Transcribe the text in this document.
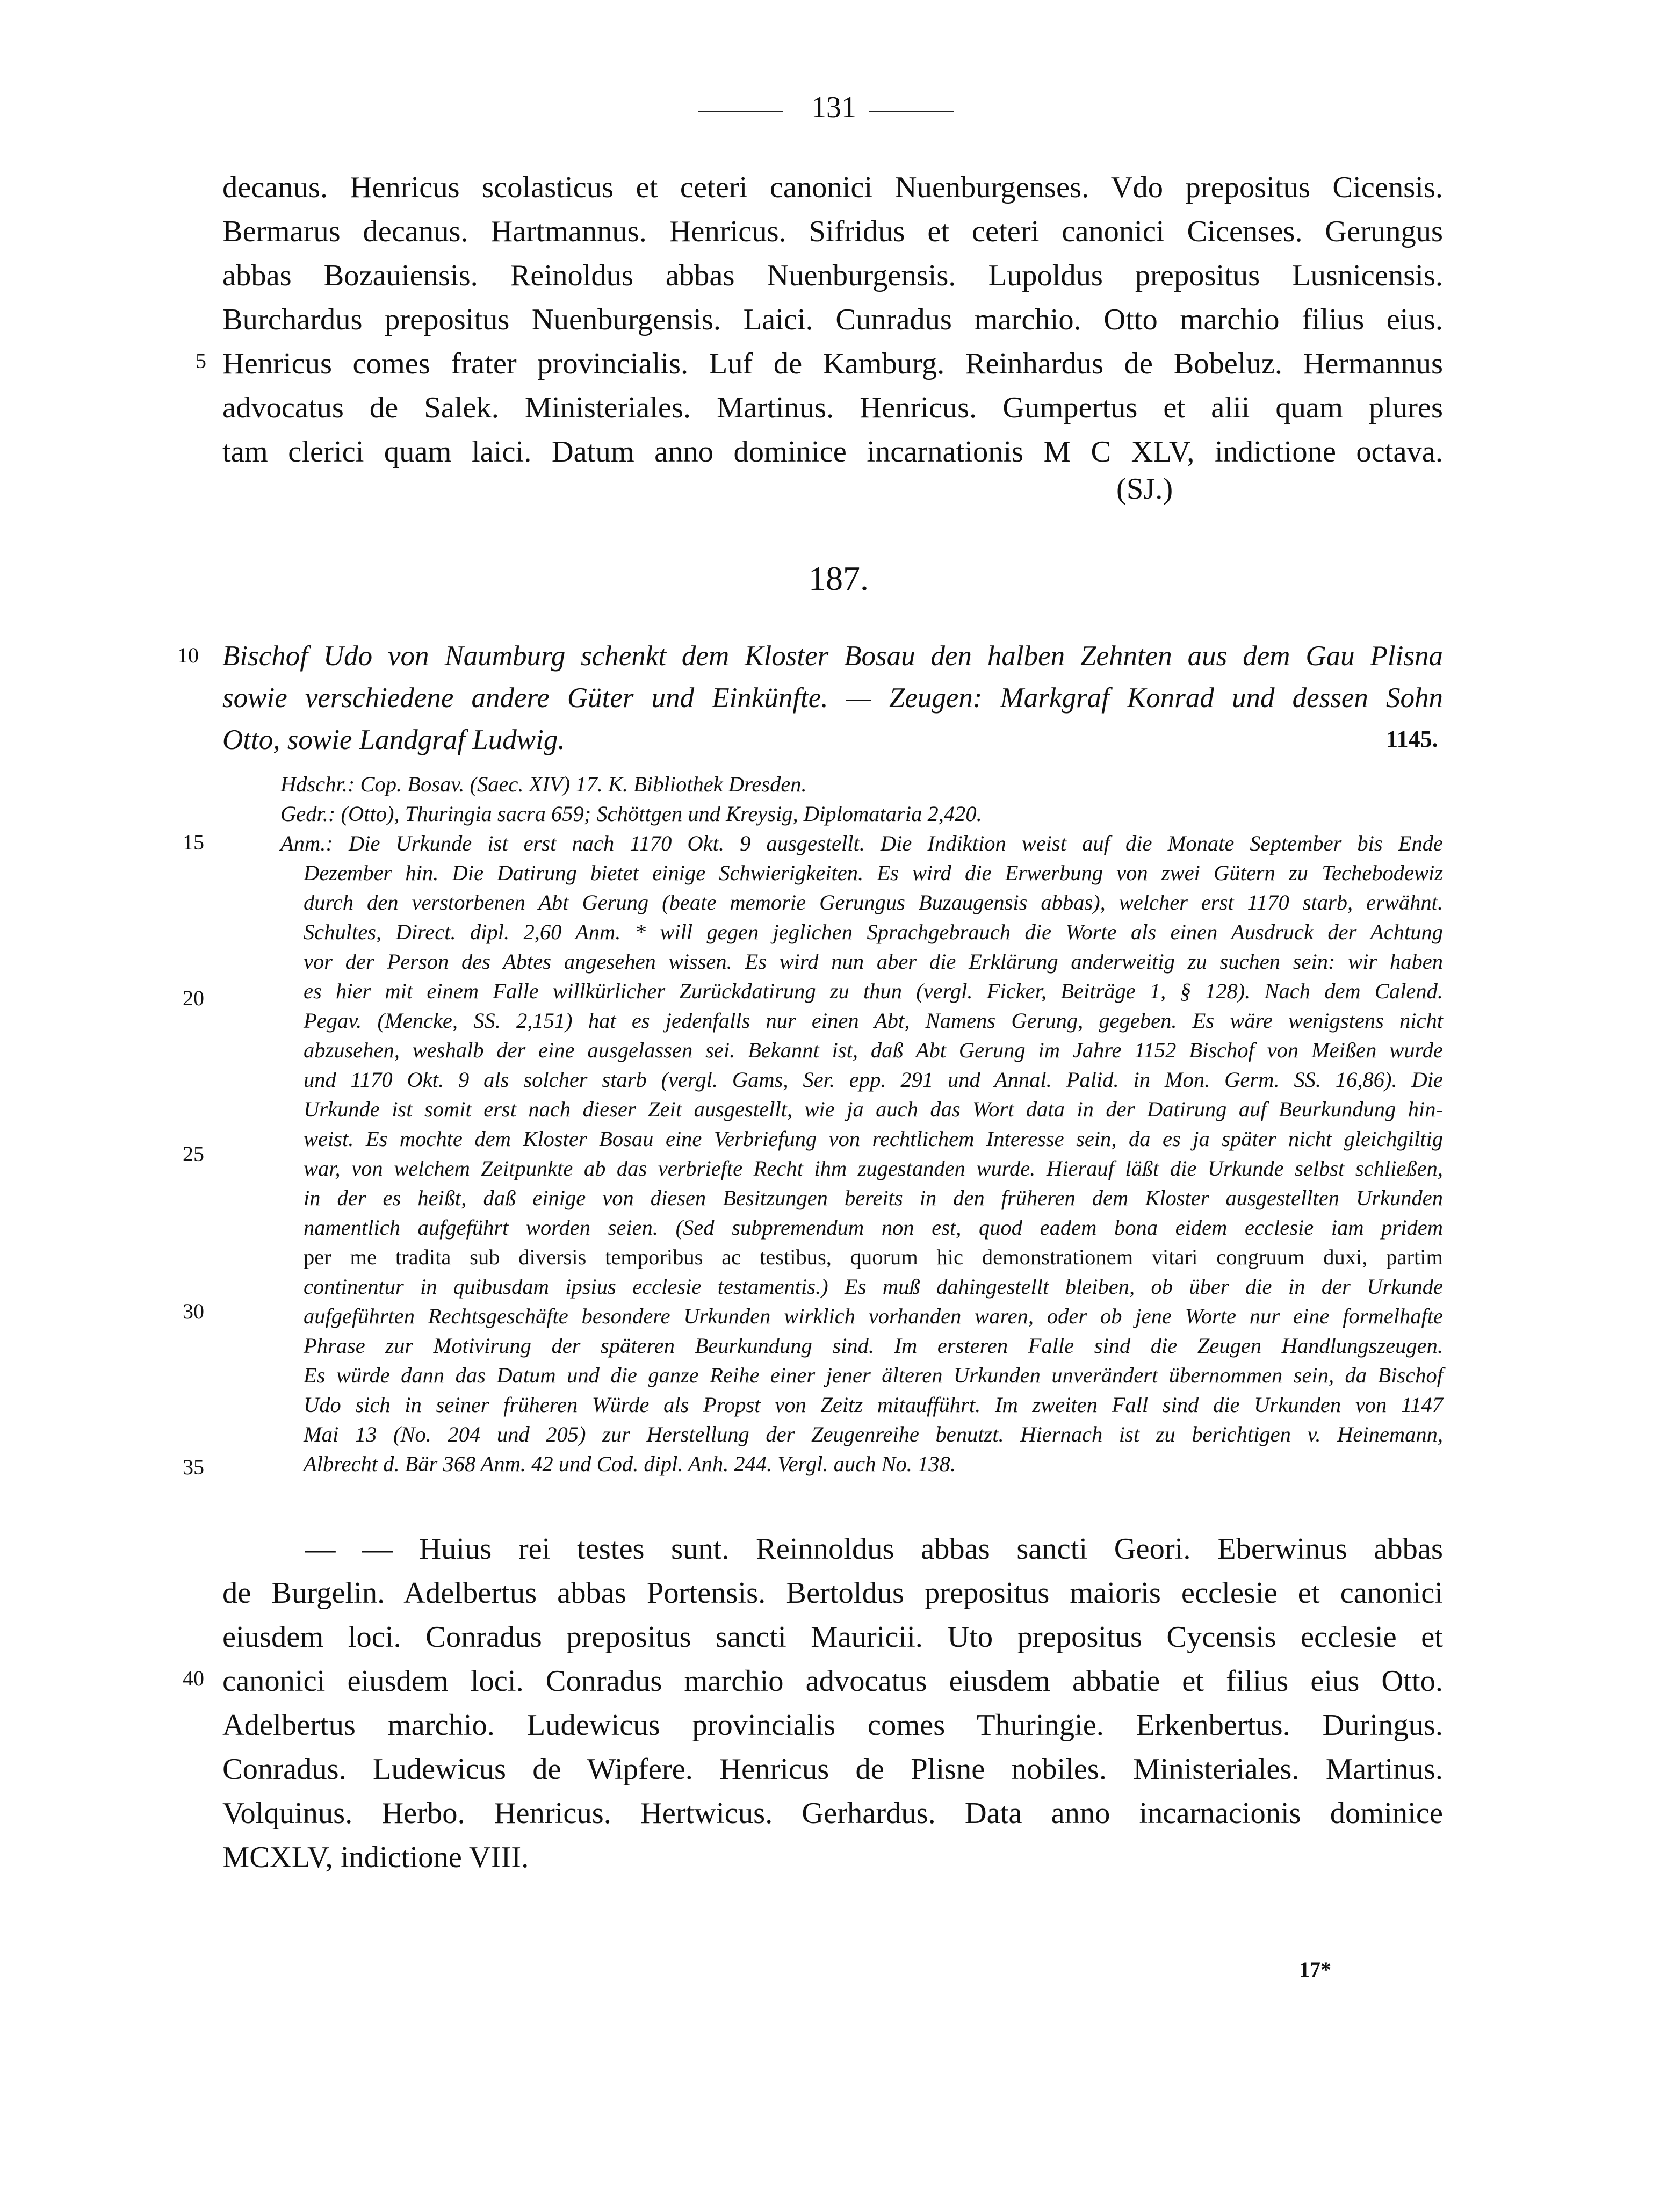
131
decanus. Henricus scolasticus et ceteri canonici Nuenburgenses. Vdo prepositus Cicensis.
Bermarus decanus. Hartmannus. Henricus. Sifridus et ceteri canonici Cicenses. Gerungus
abbas Bozauiensis. Reinoldus abbas Nuenburgensis. Lupoldus prepositus Lusnicensis.
Burchardus prepositus Nuenburgensis. Laici. Cunradus marchio. Otto marchio filius eius.
5 Henricus comes frater provincialis. Luf de Kamburg. Reinhardus de Bobeluz. Hermannus
advocatus de Salek. Ministeriales. Martinus. Henricus. Gumpertus et alii quam plures
tam clerici quam laici. Datum anno dominice incarnationis M C XLV, indictione octava.
(SJ.)
187.
10 Bischof Udo von Naumburg schenkt dem Kloster Bosau den halben Zehnten aus dem Gau Plisna
sowie verschiedene andere Güter und Einkünfte. — Zeugen: Markgraf Konrad und dessen Sohn
Otto, sowie Landgraf Ludwig.	1145.
Hdschr.: Cop. Bosav. (Saec. XIV) 17. K. Bibliothek Dresden.
Gedr.: (Otto), Thuringia sacra 659; Schöttgen und Kreysig, Diplomataria 2,420.
15	Anm.: Die Urkunde ist erst nach 1170 Okt. 9 ausgestellt. Die Indiktion weist auf die Monate September bis Ende
Dezember hin. Die Datirung bietet einige Schwierigkeiten. Es wird die Erwerbung von zwei Gütern zu Techebodewiz
durch den verstorbenen Abt Gerung (beate memorie Gerungus Buzaugensis abbas), welcher erst 1170 starb, erwähnt.
Schultes, Direct. dipl. 2,60 Anm. * will gegen jeglichen Sprachgebrauch die Worte als einen Ausdruck der Achtung
vor der Person des Abtes angesehen wissen. Es wird nun aber die Erklärung anderweitig zu suchen sein: wir haben
20	es hier mit einem Falle willkürlicher Zurückdatirung zu thun (vergl. Ficker, Beiträge 1, § 128). Nach dem Calend.
Pegav. (Mencke, SS. 2,151) hat es jedenfalls nur einen Abt, Namens Gerung, gegeben. Es wäre wenigstens nicht
abzusehen, weshalb der eine ausgelassen sei. Bekannt ist, daß Abt Gerung im Jahre 1152 Bischof von Meißen wurde
und 1170 Okt. 9 als solcher starb (vergl. Gams, Ser. epp. 291 und Annal. Palid. in Mon. Germ. SS. 16,86). Die
Urkunde ist somit erst nach dieser Zeit ausgestellt, wie ja auch das Wort data in der Datirung auf Beurkundung hin-
25
weist. Es mochte dem Kloster Bosau eine Verbriefung von rechtlichem Interesse sein, da es ja später nicht gleichgiltig
war, von welchem Zeitpunkte ab das verbriefte Recht ihm zugestanden wurde. Hierauf läßt die Urkunde selbst schließen,
in der es heißt, daß einige von diesen Besitzungen bereits in den früheren dem Kloster ausgestellten Urkunden
namentlich aufgeführt worden seien. (Sed subpremendum non est, quod eadem bona eidem ecclesie iam pridem
per me tradita sub diversis temporibus ac testibus, quorum hic demonstrationem vitari congruum duxi, partim
30
continentur in quibusdam ipsius ecclesie testamentis.) Es muß dahingestellt bleiben, ob über die in der Urkunde
aufgeführten Rechtsgeschäfte besondere Urkunden wirklich vorhanden waren, oder ob jene Worte nur eine formelhafte
Phrase zur Motivirung der späteren Beurkundung sind. Im ersteren Falle sind die Zeugen Handlungszeugen.
Es würde dann das Datum und die ganze Reihe einer jener älteren Urkunden unverändert übernommen sein, da Bischof
Udo sich in seiner früheren Würde als Propst von Zeitz mitaufführt. Im zweiten Fall sind die Urkunden von 1147
35
Mai 13 (No. 204 und 205) zur Herstellung der Zeugenreihe benutzt. Hiernach ist zu berichtigen v. Heinemann,
Albrecht d. Bär 368 Anm. 42 und Cod. dipl. Anh. 244. Vergl. auch No. 138.
— — Huius rei testes sunt. Reinnoldus abbas sancti Geori. Eberwinus abbas
de Burgelin. Adelbertus abbas Portensis. Bertoldus prepositus maioris ecclesie et canonici
eiusdem loci. Conradus prepositus sancti Mauricii. Uto prepositus Cycensis ecclesie et
40 canonici eiusdem loci. Conradus marchio advocatus eiusdem abbatie et filius eius Otto.
Adelbertus marchio. Ludewicus provincialis comes Thuringie. Erkenbertus. Duringus.
Conradus. Ludewicus de Wipfere. Henricus de Plisne nobiles. Ministeriales. Martinus.
Volquinus. Herbo. Henricus. Hertwicus. Gerhardus. Data anno incarnacionis dominice
MCXLV, indictione VIII.
17*
